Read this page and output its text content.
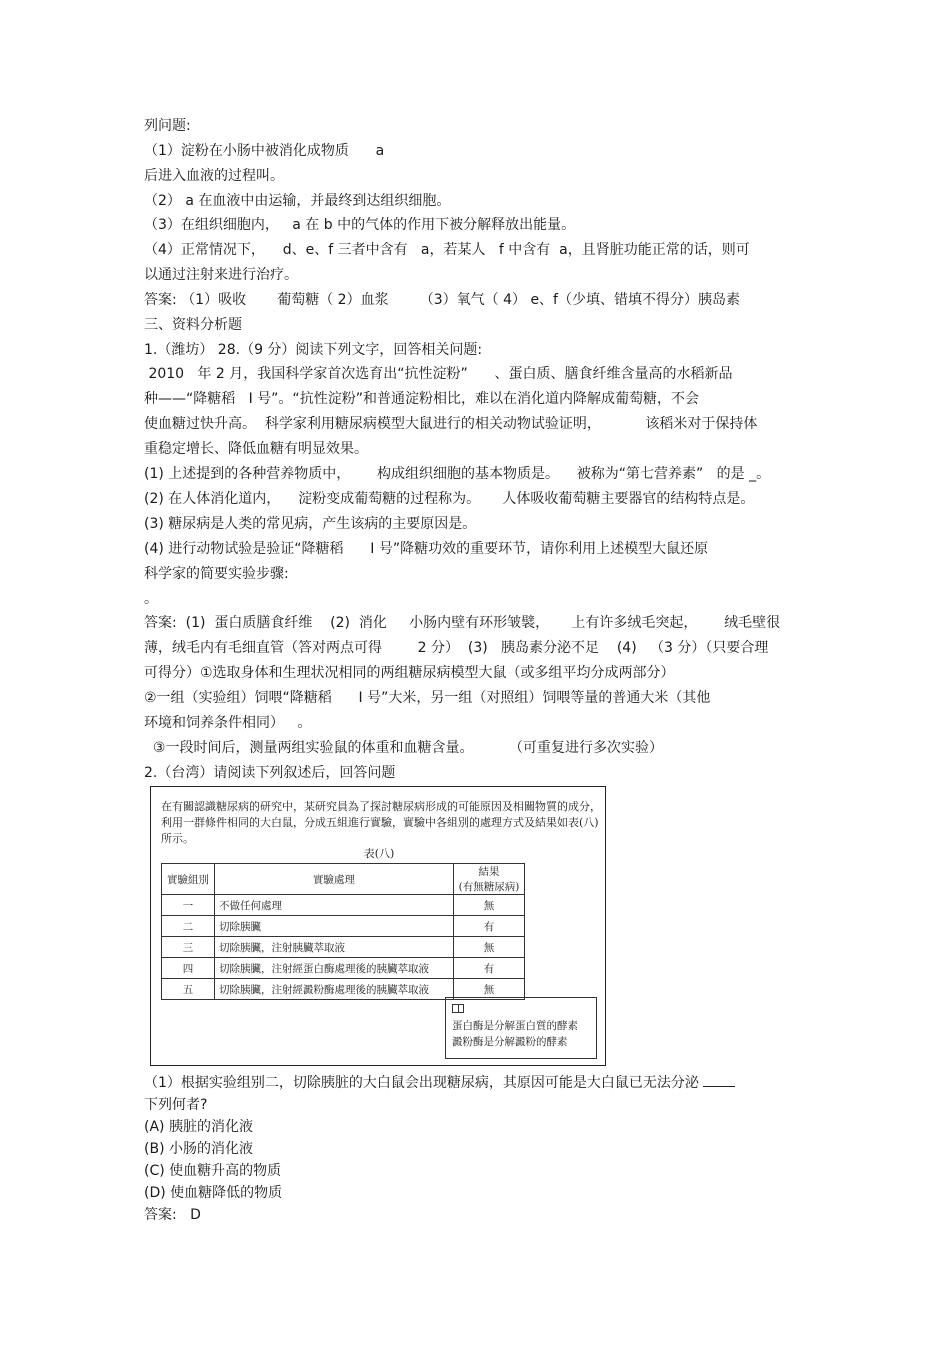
列问题:
（1）淀粉在小肠中被消化成物质      a
后进入血液的过程叫。
（2） a 在血液中由运输，并最终到达组织细胞。
（3）在组织细胞内，   a 在 b 中的气体的作用下被分解释放出能量。
（4）正常情况下，    d、e、f 三者中含有   a，若某人   f 中含有  a，且肾脏功能正常的话，则可
以通过注射来进行治疗。
答案: （1）吸收       葡萄糖（ 2）血浆       （3）氧气（ 4） e、f（少填、错填不得分）胰岛素
三、资料分析题
1.（潍坊） 28.（9 分）阅读下列文字，回答相关问题:
2010   年 2 月，我国科学家首次选育出“抗性淀粉”      、蛋白质、膳食纤维含量高的水稻新品
种——“降糖稻   Ⅰ 号”。“抗性淀粉”和普通淀粉相比，难以在消化道内降解成葡萄糖，不会
使血糖过快升高。  科学家利用糖尿病模型大鼠进行的相关动物试验证明，          该稻米对于保持体
重稳定增长、降低血糖有明显效果。
(1) 上述提到的各种营养物质中，      构成组织细胞的基本物质是。    被称为“第七营养素”   的是 _。
(2) 在人体消化道内，    淀粉变成葡萄糖的过程称为。     人体吸收葡萄糖主要器官的结构特点是。
(3) 糖尿病是人类的常见病，产生该病的主要原因是。
(4) 进行动物试验是验证“降糖稻      Ⅰ 号”降糖功效的重要环节，请你利用上述模型大鼠还原
科学家的简要实验步骤:
。
答案:  (1)  蛋白质膳食纤维    (2)  消化     小肠内壁有环形皱襞，     上有许多绒毛突起，      绒毛壁很
薄，绒毛内有毛细直管（答对两点可得        2 分）  (3)   胰岛素分泌不足    (4)   （3 分）（只要合理
可得分）①选取身体和生理状况相同的两组糖尿病模型大鼠（或多组平均分成两部分）
②一组（实验组）饲喂“降糖稻      Ⅰ 号”大米，另一组（对照组）饲喂等量的普通大米（其他
环境和饲养条件相同）   。
③一段时间后，测量两组实验鼠的体重和血糖含量。        （可重复进行多次实验）
2.（台湾）请阅读下列叙述后，回答问题
在有關認識糖尿病的研究中，某研究員為了探討糖尿病形成的可能原因及相關物質的成分，利用一群條件相同的大白鼠，分成五組進行實驗，實驗中各組別的處理方式及結果如表(八)所示。
表(八)
實驗組別	實驗處理	結果
(有無糖尿病)

一	不做任何處理	無
二	切除胰臟	有
三	切除胰臟，注射胰臟萃取液	無
四	切除胰臟，注射經蛋白酶處理後的胰臟萃取液	有
五	切除胰臟，注射經澱粉酶處理後的胰臟萃取液	無
蛋白酶是分解蛋白質的酵素
澱粉酶是分解澱粉的酵素
（1）根据实验组别二，切除胰脏的大白鼠会出现糖尿病，其原因可能是大白鼠已无法分泌
下列何者?
(A) 胰脏的消化液
(B) 小肠的消化液
(C) 使血糖升高的物质
(D) 使血糖降低的物质
答案:   D
